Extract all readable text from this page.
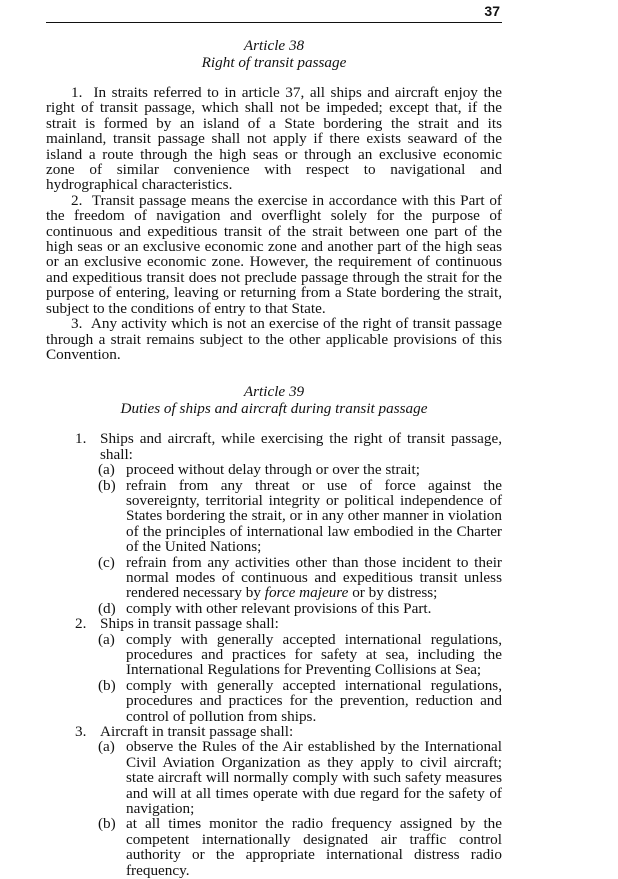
37

Article 38

Right of transit passage

1. In straits referred to in article 37, all ships and aircraft enjoy the right of transit passage, which shall not be impeded; except that, if the strait is formed by an island of a State bordering the strait and its mainland, transit passage shall not apply if there exists seaward of the island a route through the high seas or through an exclusive economic zone of similar convenience with respect to navigational and hydrographical characteristics.

2. Transit passage means the exercise in accordance with this Part of the freedom of navigation and overflight solely for the purpose of continuous and expeditious transit of the strait between one part of the high seas or an exclusive economic zone and another part of the high seas or an exclusive economic zone. However, the requirement of continuous and expeditious transit does not preclude passage through the strait for the purpose of entering, leaving or returning from a State bordering the strait, subject to the conditions of entry to that State.

3. Any activity which is not an exercise of the right of transit passage through a strait remains subject to the other applicable provisions of this Convention.

Article 39

Duties of ships and aircraft during transit passage

1. Ships and aircraft, while exercising the right of transit passage, shall:

(a) proceed without delay through or over the strait;

(b) refrain from any threat or use of force against the sovereignty, territorial integrity or political independence of States bordering the strait, or in any other manner in violation of the principles of international law embodied in the Charter of the United Nations;

(c) refrain from any activities other than those incident to their normal modes of continuous and expeditious transit unless rendered necessary by force majeure or by distress;

(d) comply with other relevant provisions of this Part.

2. Ships in transit passage shall:

(a) comply with generally accepted international regulations, procedures and practices for safety at sea, including the International Regulations for Preventing Collisions at Sea;

(b) comply with generally accepted international regulations, procedures and practices for the prevention, reduction and control of pollution from ships.

3. Aircraft in transit passage shall:

(a) observe the Rules of the Air established by the International Civil Aviation Organization as they apply to civil aircraft; state aircraft will normally comply with such safety measures and will at all times operate with due regard for the safety of navigation;

(b) at all times monitor the radio frequency assigned by the competent internationally designated air traffic control authority or the appropriate international distress radio frequency.
